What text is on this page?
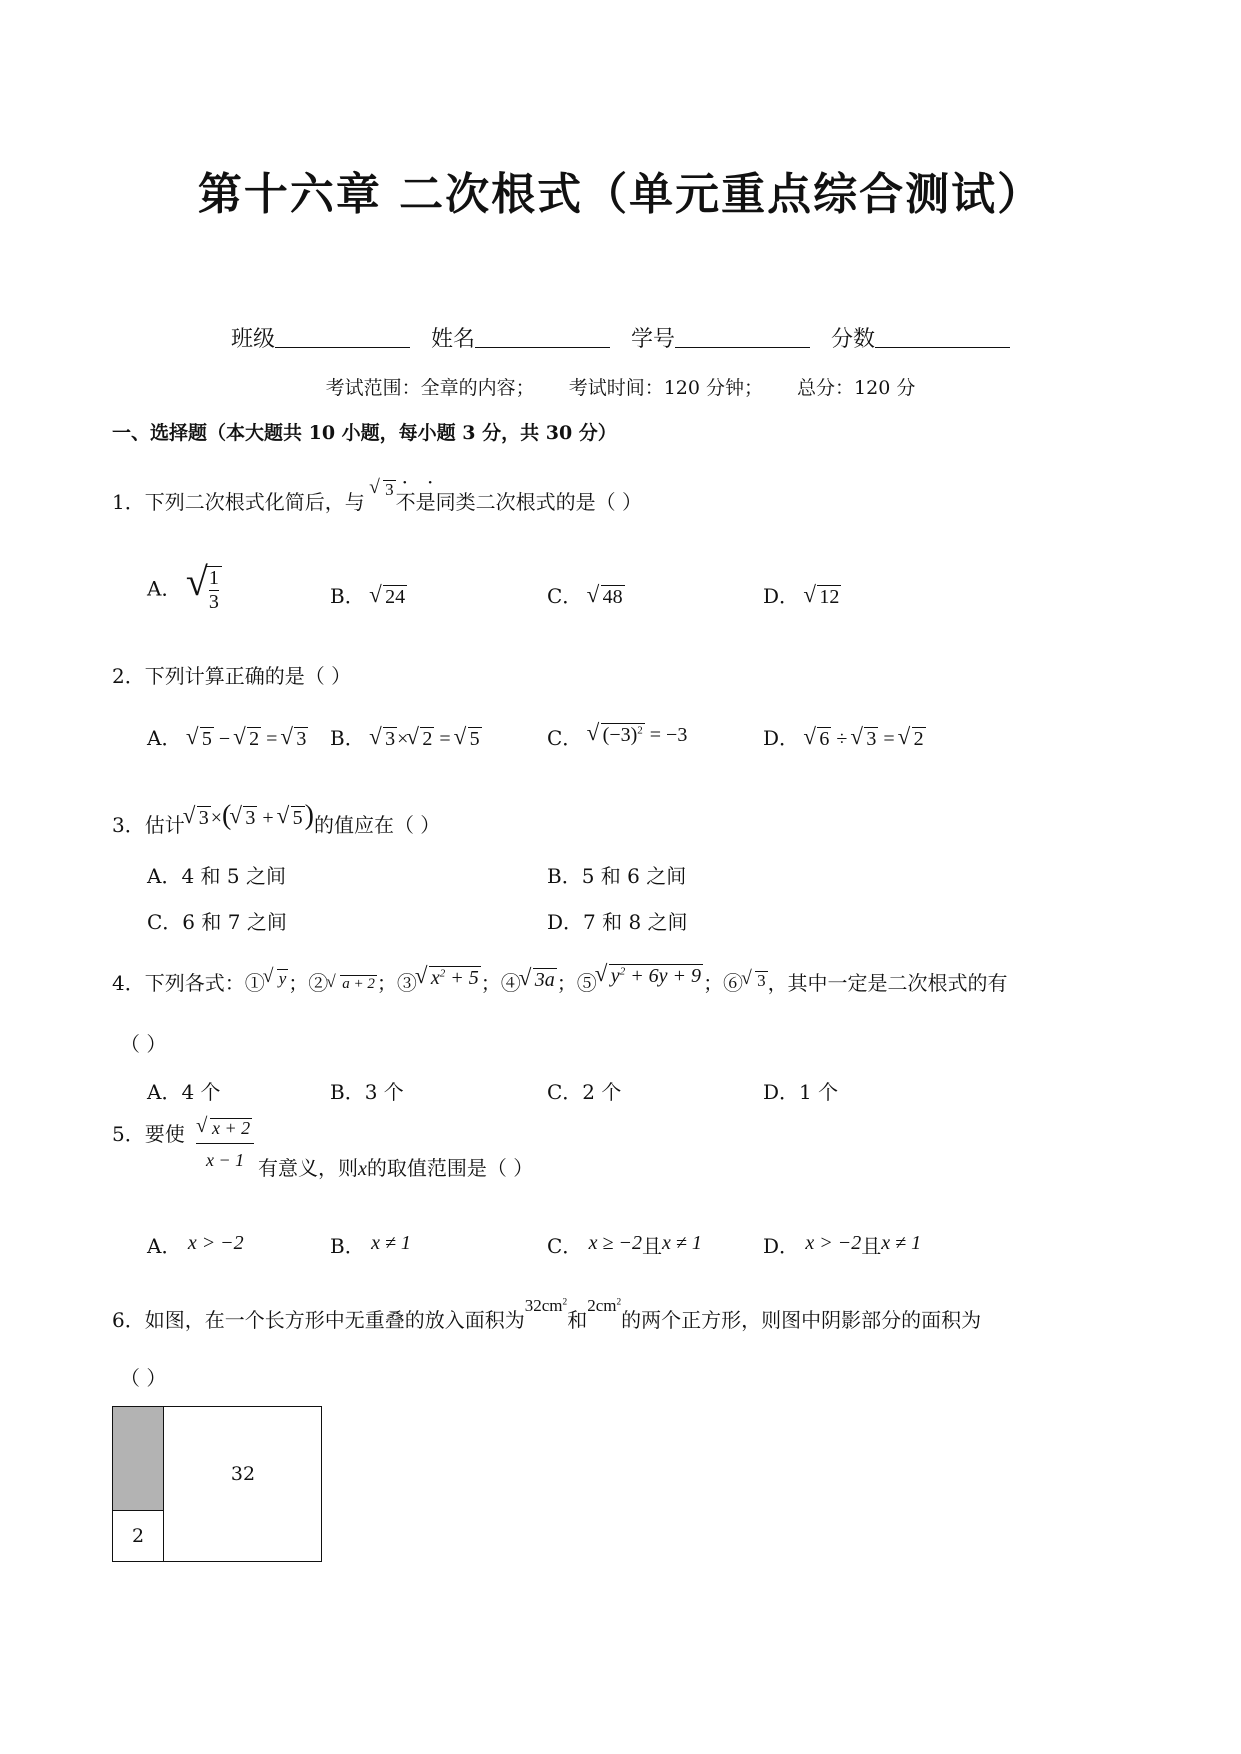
第十六章 二次根式（单元重点综合测试）
班级	姓名	学号	分数
考试范围：全章的内容； 考试时间：120 分钟； 总分：120 分
一、选择题（本大题共 10 小题，每小题 3 分，共 30 分）
1．下列二次根式化简后，与 √ 3 ·   ·
不是同类二次根式的是（ ）
A． √
$\frac{1}{3}$	B． √ 24	C． √ 48	D． √ 12
2．下列计算正确的是（ ）
A． √ 5 − √ 2 = √ 3 B． √ 3 × √ 2 = √ 5	C． √ $(-3)^2 = -3$	D． √ 6 ÷ √ 3 = √ 2
3．估计 √ 3 ×( √ 3 + √ 5)的值应在（ ）
A．4 和 5 之间	B．5 和 6 之间
C．6 和 7 之间	D．7 和 8 之间
4．下列各式：① √ y ；② √ a + 2 ；③ √ $x^2 + 5$ ；④ √ 3a ；⑤ √ $y^2 + 6y + 9$ ；⑥ √ 3 ，其中一定是二次根式的有
（ ）
A．4 个	B．3 个	C．2 个	D．1 个
5．要使	√ x + 2
x − 1 有意义，则x的取值范围是（ ）
A． x > −2	B． x ≠ 1	C． x ≥ −2且x ≠ 1	D． x > −2且x ≠ 1
6．如图，在一个长方形中无重叠的放入面积为$^{32cm^2}$和$^{2cm^2}$的两个正方形，则图中阴影部分的面积为
（ ）
2
32
